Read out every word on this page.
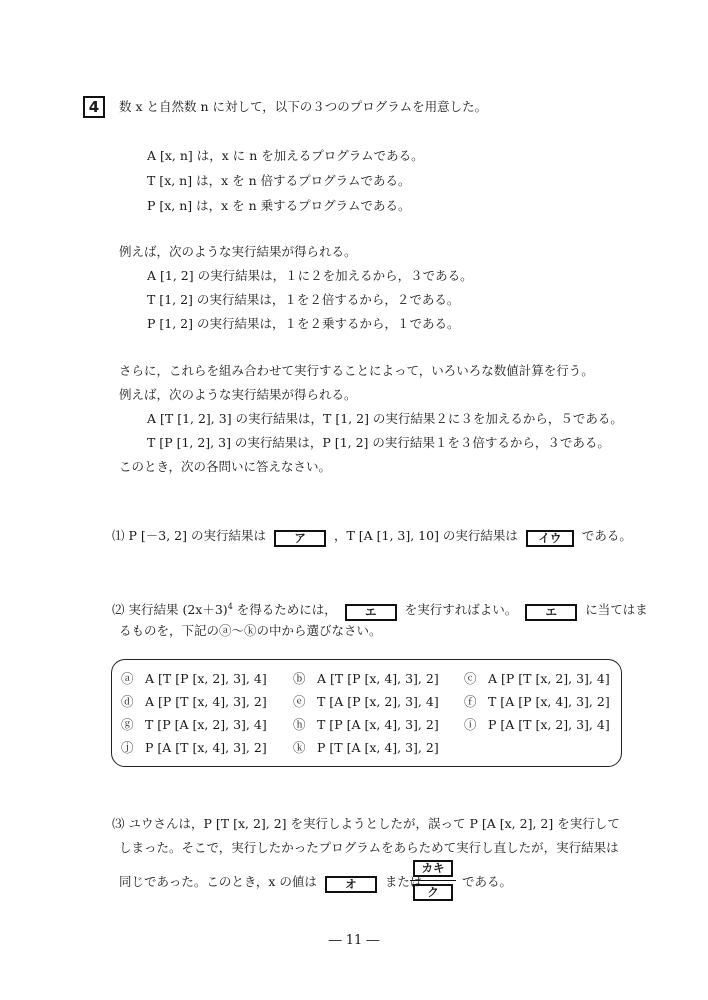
4	数 x と自然数 n に対して，以下の３つのプログラムを用意した。
A [x, n] は，x に n を加えるプログラムである。
T [x, n] は，x を n 倍するプログラムである。
P [x, n] は，x を n 乗するプログラムである。
例えば，次のような実行結果が得られる。
A [1, 2] の実行結果は，１に２を加えるから，３である。
T [1, 2] の実行結果は，１を２倍するから，２である。
P [1, 2] の実行結果は，１を２乗するから，１である。
さらに，これらを組み合わせて実行することによって，いろいろな数値計算を行う。
例えば，次のような実行結果が得られる。
A [T [1, 2], 3] の実行結果は，T [1, 2] の実行結果２に３を加えるから，５である。
T [P [1, 2], 3] の実行結果は，P [1, 2] の実行結果１を３倍するから，３である。
このとき，次の各問いに答えなさい。
⑴ P [－3, 2] の実行結果は ア ，T [A [1, 3], 10] の実行結果は イウ である。
⑵ 実行結果 $(2x+3)^4$ を得るためには， エ を実行すればよい。 エ に当てはま
るものを，下記のⓐ〜ⓚの中から選びなさい。
ⓐ A [T [P [x, 2], 3], 4] ⓑ A [T [P [x, 4], 3], 2] ⓒ A [P [T [x, 2], 3], 4]
ⓓ A [P [T [x, 4], 3], 2] ⓔ T [A [P [x, 2], 3], 4] ⓕ T [A [P [x, 4], 3], 2]
ⓖ T [P [A [x, 2], 3], 4] ⓗ T [P [A [x, 4], 3], 2] ⓘ P [A [T [x, 2], 3], 4]
ⓙ P [A [T [x, 4], 3], 2] ⓚ P [T [A [x, 4], 3], 2]
⑶ ユウさんは，P [T [x, 2], 2] を実行しようとしたが，誤って P [A [x, 2], 2] を実行して
しまった。そこで，実行したかったプログラムをあらためて実行し直したが，実行結果は
同じであった。このとき，x の値は オ または
カキ
ク
である。
― 11 ―
